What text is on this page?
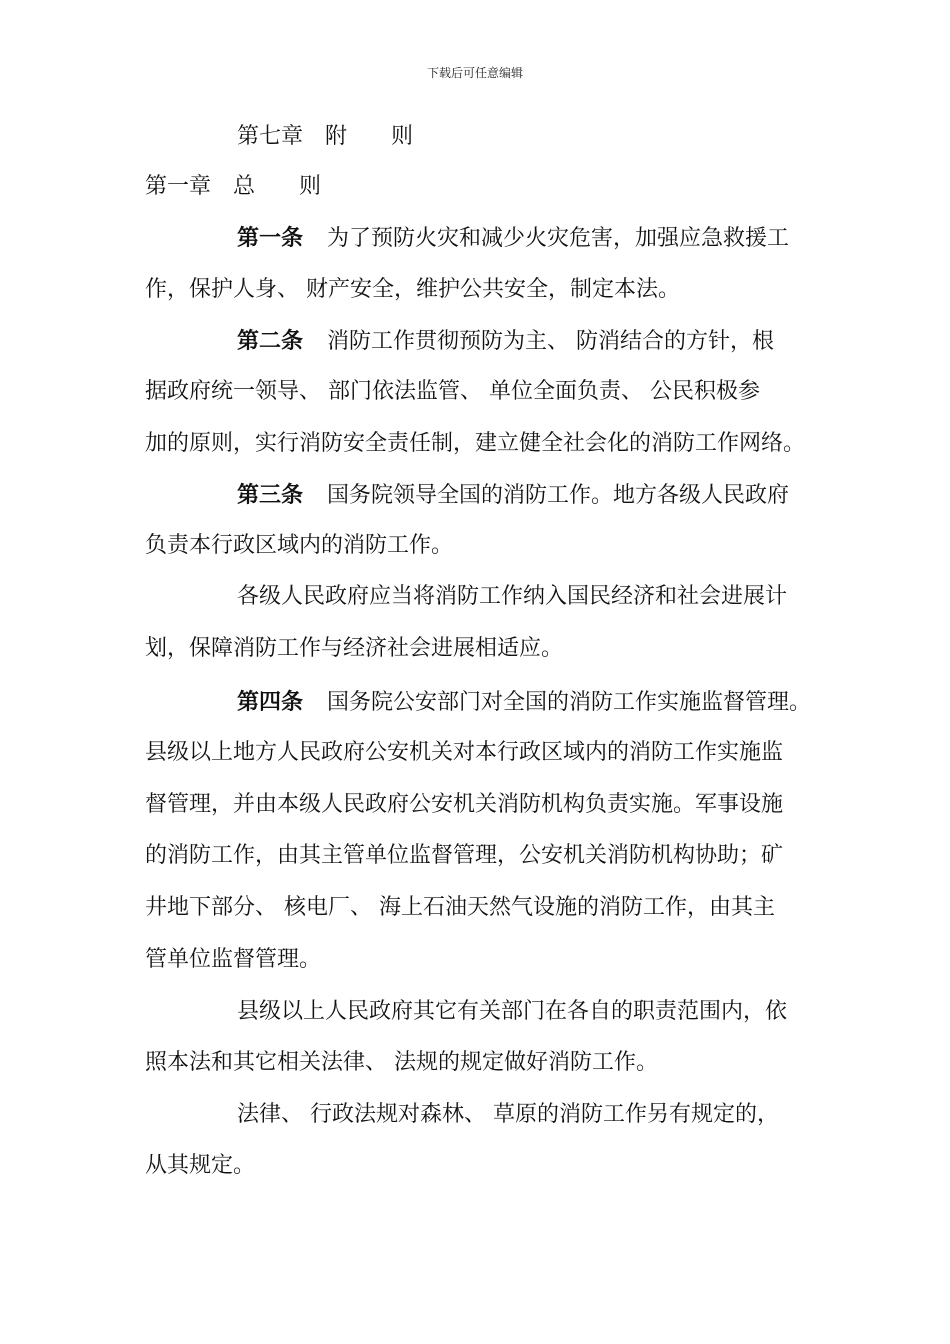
下载后可任意编辑
第七章　附　　则
第一章　总　　则
第一条 为了预防火灾和减少火灾危害，加强应急救援工
作，保护人身、 财产安全，维护公共安全，制定本法。
第二条 消防工作贯彻预防为主、 防消结合的方针，根
据政府统一领导、 部门依法监管、 单位全面负责、 公民积极参
加的原则，实行消防安全责任制，建立健全社会化的消防工作网络。
第三条 国务院领导全国的消防工作。地方各级人民政府
负责本行政区域内的消防工作。
各级人民政府应当将消防工作纳入国民经济和社会进展计
划，保障消防工作与经济社会进展相适应。
第四条 国务院公安部门对全国的消防工作实施监督管理。
县级以上地方人民政府公安机关对本行政区域内的消防工作实施监
督管理，并由本级人民政府公安机关消防机构负责实施。军事设施
的消防工作，由其主管单位监督管理，公安机关消防机构协助；矿
井地下部分、 核电厂、 海上石油天然气设施的消防工作，由其主
管单位监督管理。
县级以上人民政府其它有关部门在各自的职责范围内，依
照本法和其它相关法律、 法规的规定做好消防工作。
法律、 行政法规对森林、 草原的消防工作另有规定的，
从其规定。
